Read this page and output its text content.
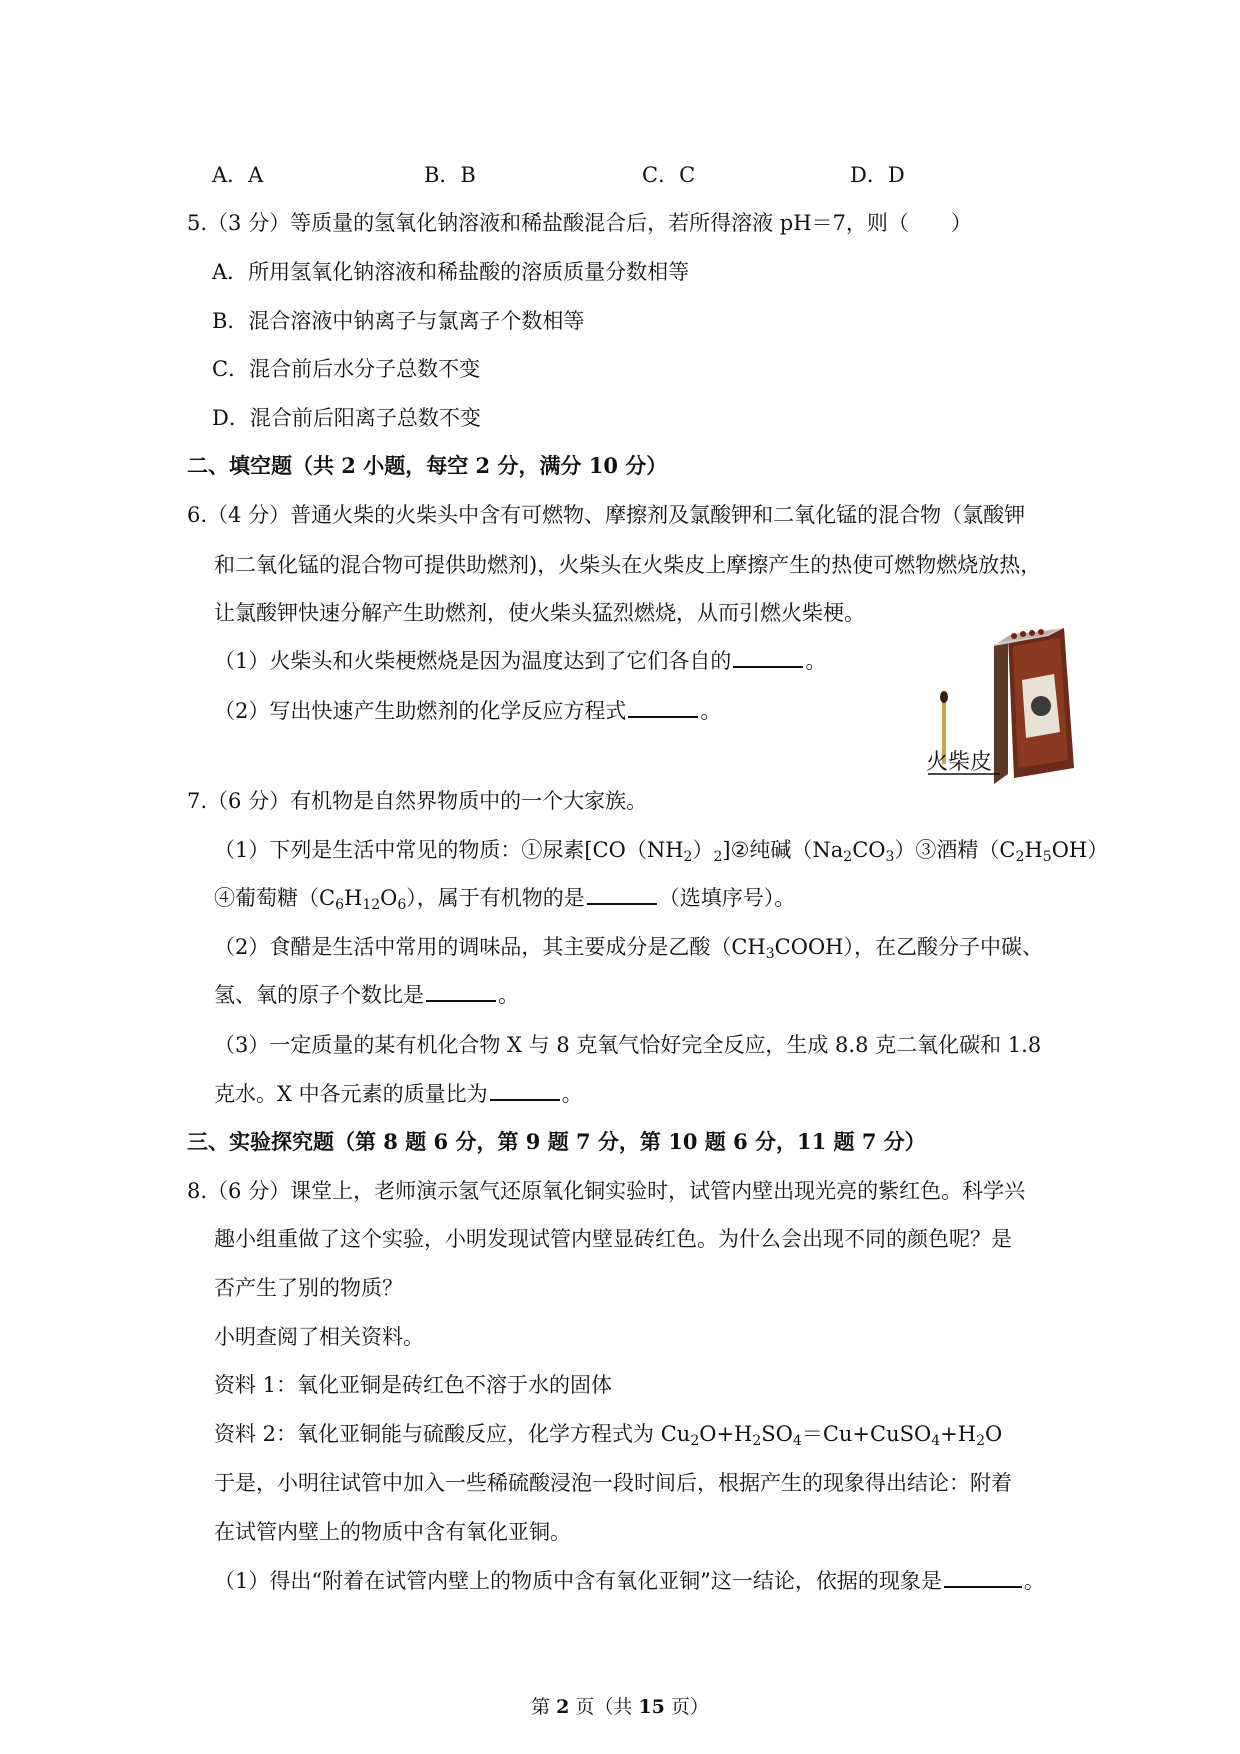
A．A	B．B	C．C	D．D
5.（3 分）等质量的氢氧化钠溶液和稀盐酸混合后，若所得溶液 pH＝7，则（　　）
A．所用氢氧化钠溶液和稀盐酸的溶质质量分数相等
B．混合溶液中钠离子与氯离子个数相等
C．混合前后水分子总数不变
D．混合前后阳离子总数不变
二、填空题（共 2 小题，每空 2 分，满分 10 分）
6.（4 分）普通火柴的火柴头中含有可燃物、摩擦剂及氯酸钾和二氧化锰的混合物（氯酸钾
和二氧化锰的混合物可提供助燃剂)，火柴头在火柴皮上摩擦产生的热使可燃物燃烧放热，
让氯酸钾快速分解产生助燃剂，使火柴头猛烈燃烧，从而引燃火柴梗。
（1）火柴头和火柴梗燃烧是因为温度达到了它们各自的	。
（2）写出快速产生助燃剂的化学反应方程式	。
火柴皮
7.（6 分）有机物是自然界物质中的一个大家族。
（1）下列是生活中常见的物质：①尿素$[CO(NH_2)_2]②$纯碱$(Na_2CO_3)③$酒精$(C_2H_5OH)$
④葡萄糖$(C_6H_{12}O_6)$，属于有机物的是	（选填序号）。
（2）食醋是生活中常用的调味品，其主要成分是乙酸$(CH_3COOH)$，在乙酸分子中碳、
氢、氧的原子个数比是	。
（3）一定质量的某有机化合物 X 与 8 克氧气恰好完全反应，生成 8.8 克二氧化碳和 1.8
克水。X 中各元素的质量比为	。
三、实验探究题（第 8 题 6 分，第 9 题 7 分，第 10 题 6 分，11 题 7 分）
8.（6 分）课堂上，老师演示氢气还原氧化铜实验时，试管内壁出现光亮的紫红色。科学兴
趣小组重做了这个实验，小明发现试管内壁显砖红色。为什么会出现不同的颜色呢？是
否产生了别的物质？
小明查阅了相关资料。
资料 1：氧化亚铜是砖红色不溶于水的固体
资料 2：氧化亚铜能与硫酸反应，化学方程式为 $Cu_2O+H_2SO_4=Cu+CuSO_4+H_2O$
于是，小明往试管中加入一些稀硫酸浸泡一段时间后，根据产生的现象得出结论：附着
在试管内壁上的物质中含有氧化亚铜。
（1）得出“附着在试管内壁上的物质中含有氧化亚铜”这一结论，依据的现象是	。
第 2 页（共 15 页）
